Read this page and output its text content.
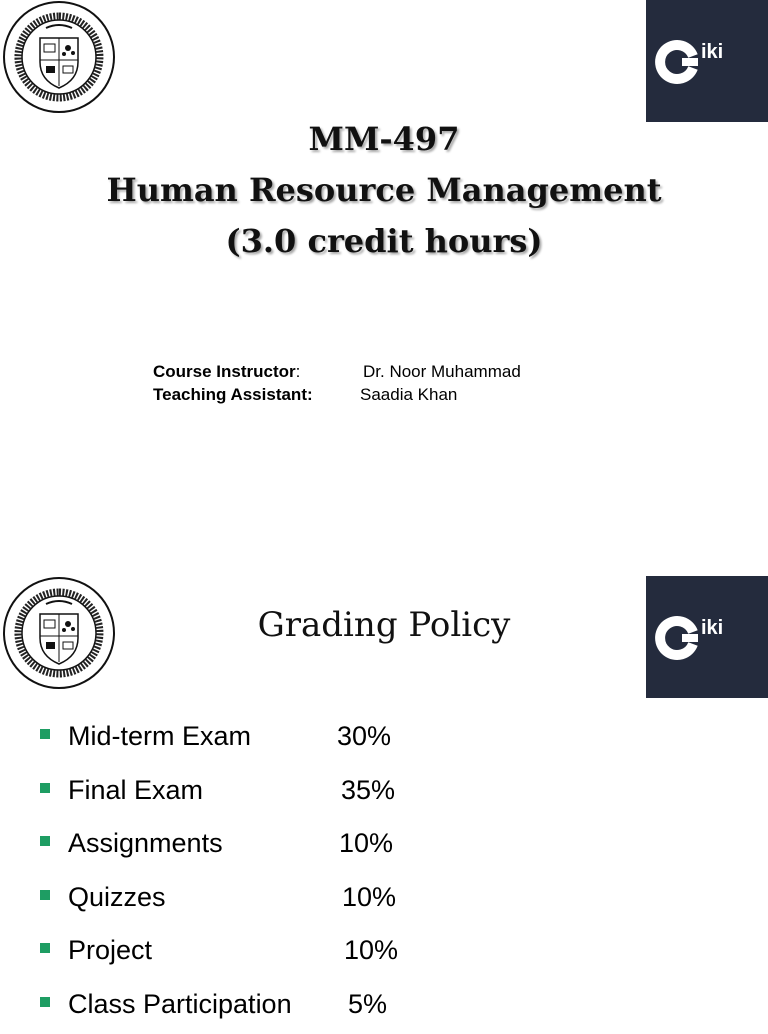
iki
MM-497
Human Resource Management
(3.0 credit hours)
Course Instructor:	Dr. Noor Muhammad
Teaching Assistant:	Saadia Khan
iki
Grading Policy
Mid-term Exam	30%
Final Exam	35%
Assignments	10%
Quizzes	10%
Project	10%
Class Participation 5%
